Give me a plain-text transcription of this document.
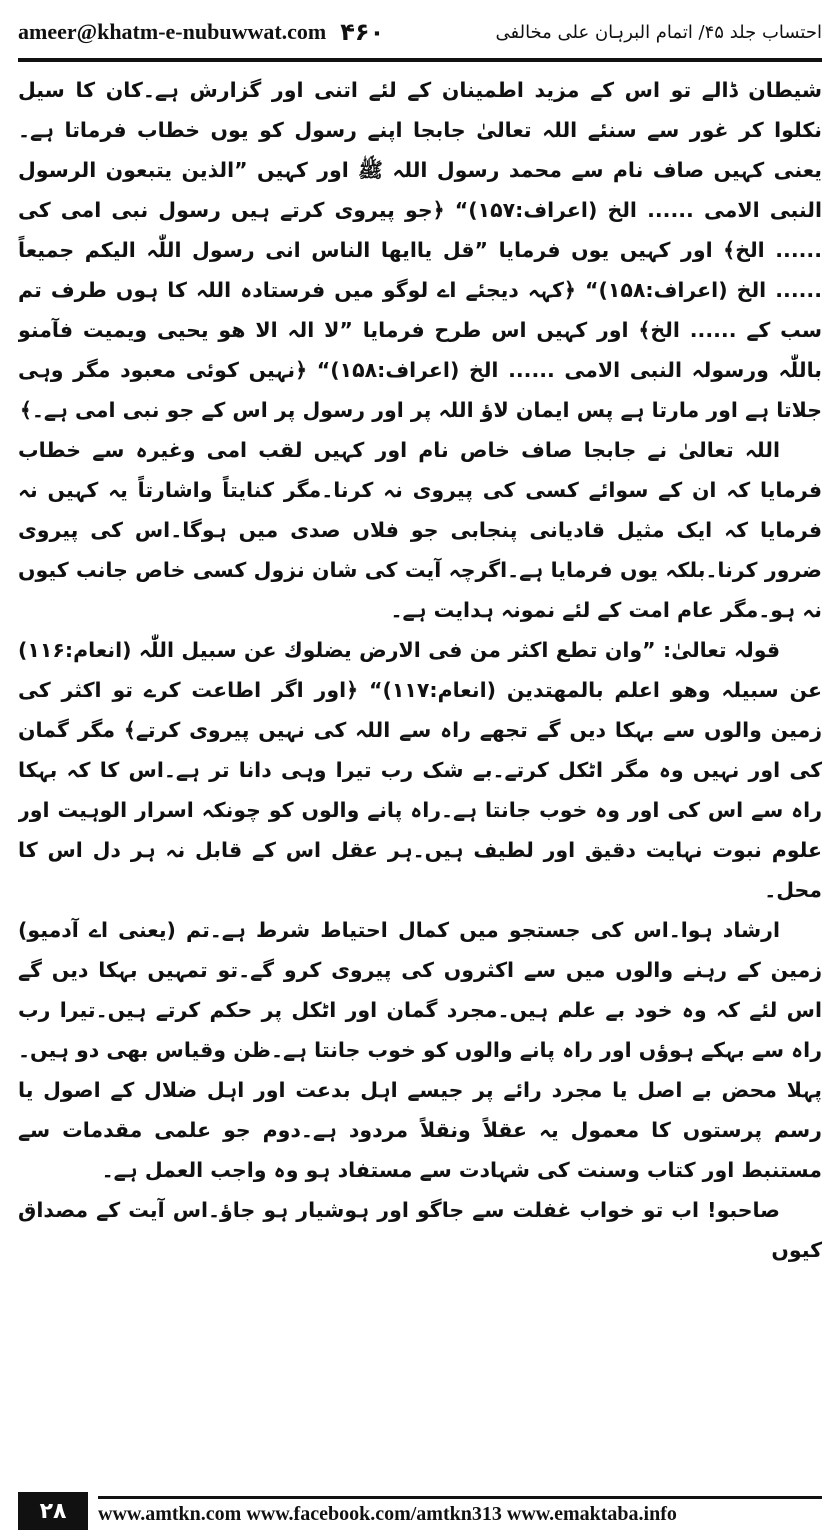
ameer@khatm-e-nubuwwat.com ۴۶۰	احتساب جلد ۴۵/ اتمام البرہان علی مخالفی

شیطان ڈالے تو اس کے مزید اطمینان کے لئے اتنی اور گزارش ہے۔کان کا سیل نکلوا کر غور سے سنئے اللہ تعالیٰ جابجا اپنے رسول کو یوں خطاب فرماتا ہے۔یعنی کہیں صاف نام سے محمد رسول اللہ ﷺ اور کہیں ”الذین یتبعون الرسول النبی الامی ...... الخ (اعراف:۱۵۷)“ ﴿جو پیروی کرتے ہیں رسول نبی امی کی ...... الخ﴾ اور کہیں یوں فرمایا ”قل یاایھا الناس انی رسول اللّٰہ الیکم جمیعاً ...... الخ (اعراف:۱۵۸)“ ﴿کہہ دیجئے اے لوگو میں فرستادہ اللہ کا ہوں طرف تم سب کے ...... الخ﴾ اور کہیں اس طرح فرمایا ”لا الہ الا ھو یحیی ویمیت فآمنو باللّٰہ ورسولہ النبی الامی ...... الخ (اعراف:۱۵۸)“ ﴿نہیں کوئی معبود مگر وہی جلاتا ہے اور مارتا ہے پس ایمان لاؤ اللہ پر اور رسول پر اس کے جو نبی امی ہے۔﴾

اللہ تعالیٰ نے جابجا صاف خاص نام اور کہیں لقب امی وغیرہ سے خطاب فرمایا کہ ان کے سوائے کسی کی پیروی نہ کرنا۔مگر کنایتاً واشارتاً یہ کہیں نہ فرمایا کہ ایک مثیل قادیانی پنجابی جو فلاں صدی میں ہوگا۔اس کی پیروی ضرور کرنا۔بلکہ یوں فرمایا ہے۔اگرچہ آیت کی شان نزول کسی خاص جانب کیوں نہ ہو۔مگر عام امت کے لئے نمونہ ہدایت ہے۔

قولہ تعالیٰ: ”وان تطع اکثر من فی الارض یضلوك عن سبیل اللّٰہ (انعام:۱۱۶) عن سبیلہ وھو اعلم بالمھتدین (انعام:۱۱۷)“ ﴿اور اگر اطاعت کرے تو اکثر کی زمین والوں سے بہکا دیں گے تجھے راہ سے اللہ کی نہیں پیروی کرتے﴾ مگر گمان کی اور نہیں وہ مگر اٹکل کرتے۔بے شک رب تیرا وہی دانا تر ہے۔اس کا کہ بہکا راہ سے اس کی اور وہ خوب جانتا ہے۔راہ پانے والوں کو چونکہ اسرار الوہیت اور علوم نبوت نہایت دقیق اور لطیف ہیں۔ہر عقل اس کے قابل نہ ہر دل اس کا محل۔

ارشاد ہوا۔اس کی جستجو میں کمال احتیاط شرط ہے۔تم (یعنی اے آدمیو) زمین کے رہنے والوں میں سے اکثروں کی پیروی کرو گے۔تو تمہیں بہکا دیں گے اس لئے کہ وہ خود بے علم ہیں۔مجرد گمان اور اٹکل پر حکم کرتے ہیں۔تیرا رب راہ سے بہکے ہوؤں اور راہ پانے والوں کو خوب جانتا ہے۔ظن وقیاس بھی دو ہیں۔پہلا محض بے اصل یا مجرد رائے پر جیسے اہل بدعت اور اہل ضلال کے اصول یا رسم پرستوں کا معمول یہ عقلاً ونقلاً مردود ہے۔دوم جو علمی مقدمات سے مستنبط اور کتاب وسنت کی شہادت سے مستفاد ہو وہ واجب العمل ہے۔

صاحبو! اب تو خواب غفلت سے جاگو اور ہوشیار ہو جاؤ۔اس آیت کے مصداق کیوں

۲۸	www.amtkn.com www.facebook.com/amtkn313 www.emaktaba.info
